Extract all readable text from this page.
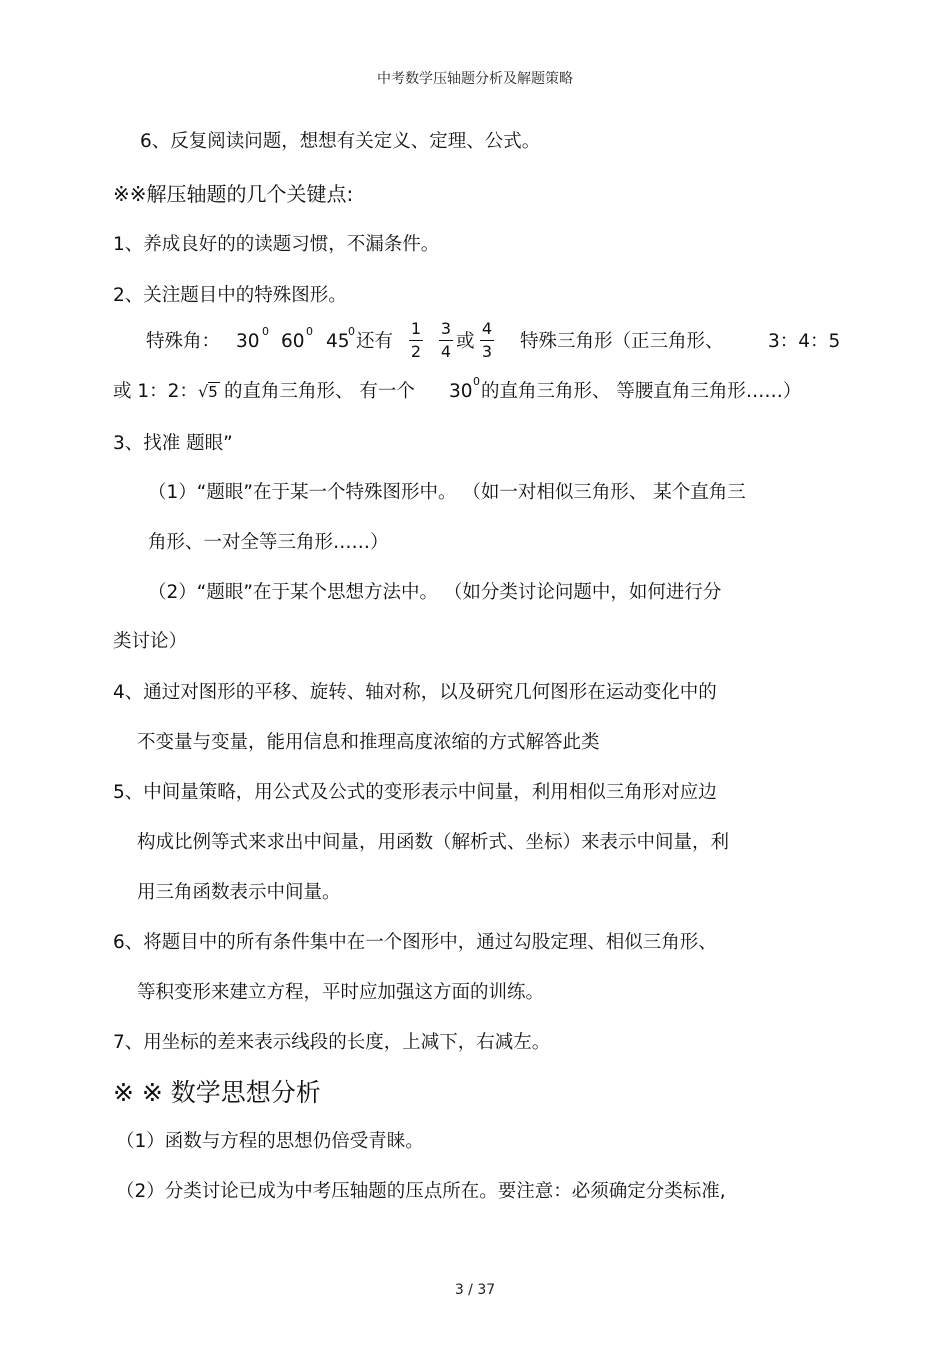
中考数学压轴题分析及解题策略
6、反复阅读问题，想想有关定义、定理、公式。
※※解压轴题的几个关键点:
1、养成良好的的读题习惯，不漏条件。
2、关注题目中的特殊图形。
特殊角： 30 0 60 0 45
0 还有
1
2
3
4 或
4
3 特殊三角形（正三角形、 3：4：5
或 1：2： √
5 的直角三角形、 有一个 30 0 的直角三角形、 等腰直角三角形……）
3、找准 题眼”
（1）“题眼”在于某一个特殊图形中。 （如一对相似三角形、 某个直角三
角形、一对全等三角形……）
（2）“题眼”在于某个思想方法中。 （如分类讨论问题中，如何进行分
类讨论）
4、通过对图形的平移、旋转、轴对称，以及研究几何图形在运动变化中的
不变量与变量，能用信息和推理高度浓缩的方式解答此类
5、中间量策略，用公式及公式的变形表示中间量，利用相似三角形对应边
构成比例等式来求出中间量，用函数（解析式、坐标）来表示中间量，利
用三角函数表示中间量。
6、将题目中的所有条件集中在一个图形中，通过勾股定理、相似三角形、
等积变形来建立方程，平时应加强这方面的训练。
7、用坐标的差来表示线段的长度，上减下，右减左。
※ ※ 数学思想分析
（1）函数与方程的思想仍倍受青睐。
（2）分类讨论已成为中考压轴题的压点所在。要注意：必须确定分类标准,
3 / 37
